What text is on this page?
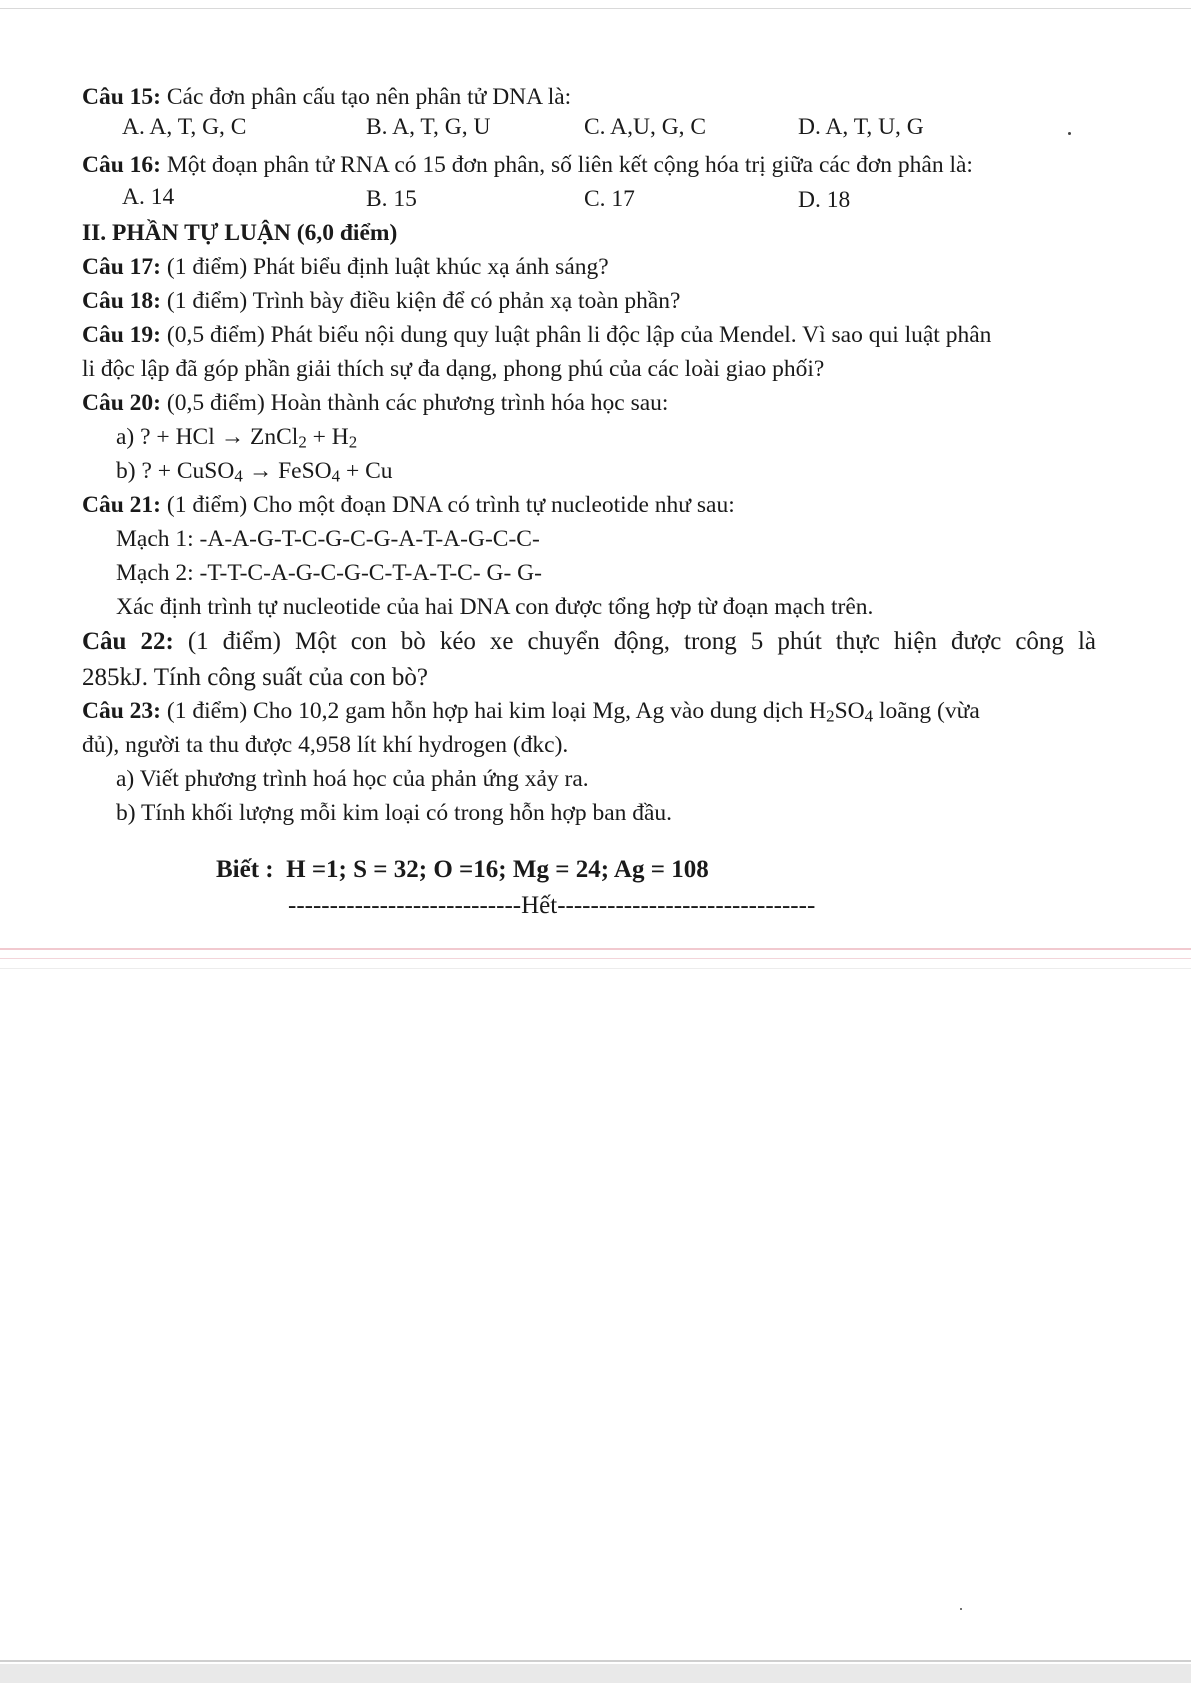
Câu 15: Các đơn phân cấu tạo nên phân tử DNA là:
A. A, T, G, C	B. A, T, G, U	C. A,U, G, C	D. A, T, U, G
Câu 16: Một đoạn phân tử RNA có 15 đơn phân, số liên kết cộng hóa trị giữa các đơn phân là:
A. 14	B. 15	C. 17	D. 18
II. PHẦN TỰ LUẬN (6,0 điểm)
Câu 17: (1 điểm) Phát biểu định luật khúc xạ ánh sáng?
Câu 18: (1 điểm) Trình bày điều kiện để có phản xạ toàn phần?
Câu 19: (0,5 điểm) Phát biểu nội dung quy luật phân li độc lập của Mendel. Vì sao qui luật phân
li độc lập đã góp phần giải thích sự đa dạng, phong phú của các loài giao phối?
Câu 20: (0,5 điểm) Hoàn thành các phương trình hóa học sau:
a) ? + HCl → ZnCl$_2$ + $H_2$
b) ? + CuSO$_4$ → FeSO$_4$ + Cu
Câu 21: (1 điểm) Cho một đoạn DNA có trình tự nucleotide như sau:
Mạch 1: -A-A-G-T-C-G-C-G-A-T-A-G-C-C-
Mạch 2: -T-T-C-A-G-C-G-C-T-A-T-C- G- G-
Xác định trình tự nucleotide của hai DNA con được tổng hợp từ đoạn mạch trên.
Câu 22: (1 điểm) Một con bò kéo xe chuyển động, trong 5 phút thực hiện được công là
285kJ. Tính công suất của con bò?
Câu 23: (1 điểm) Cho 10,2 gam hỗn hợp hai kim loại Mg, Ag vào dung dịch $H_2SO_4$ loãng (vừa
đủ), người ta thu được 4,958 lít khí hydrogen (đkc).
a) Viết phương trình hoá học của phản ứng xảy ra.
b) Tính khối lượng mỗi kim loại có trong hỗn hợp ban đầu.
Biết :  H =1; S = 32; O =16; Mg = 24; Ag = 108
----------------------------Hết-------------------------------
